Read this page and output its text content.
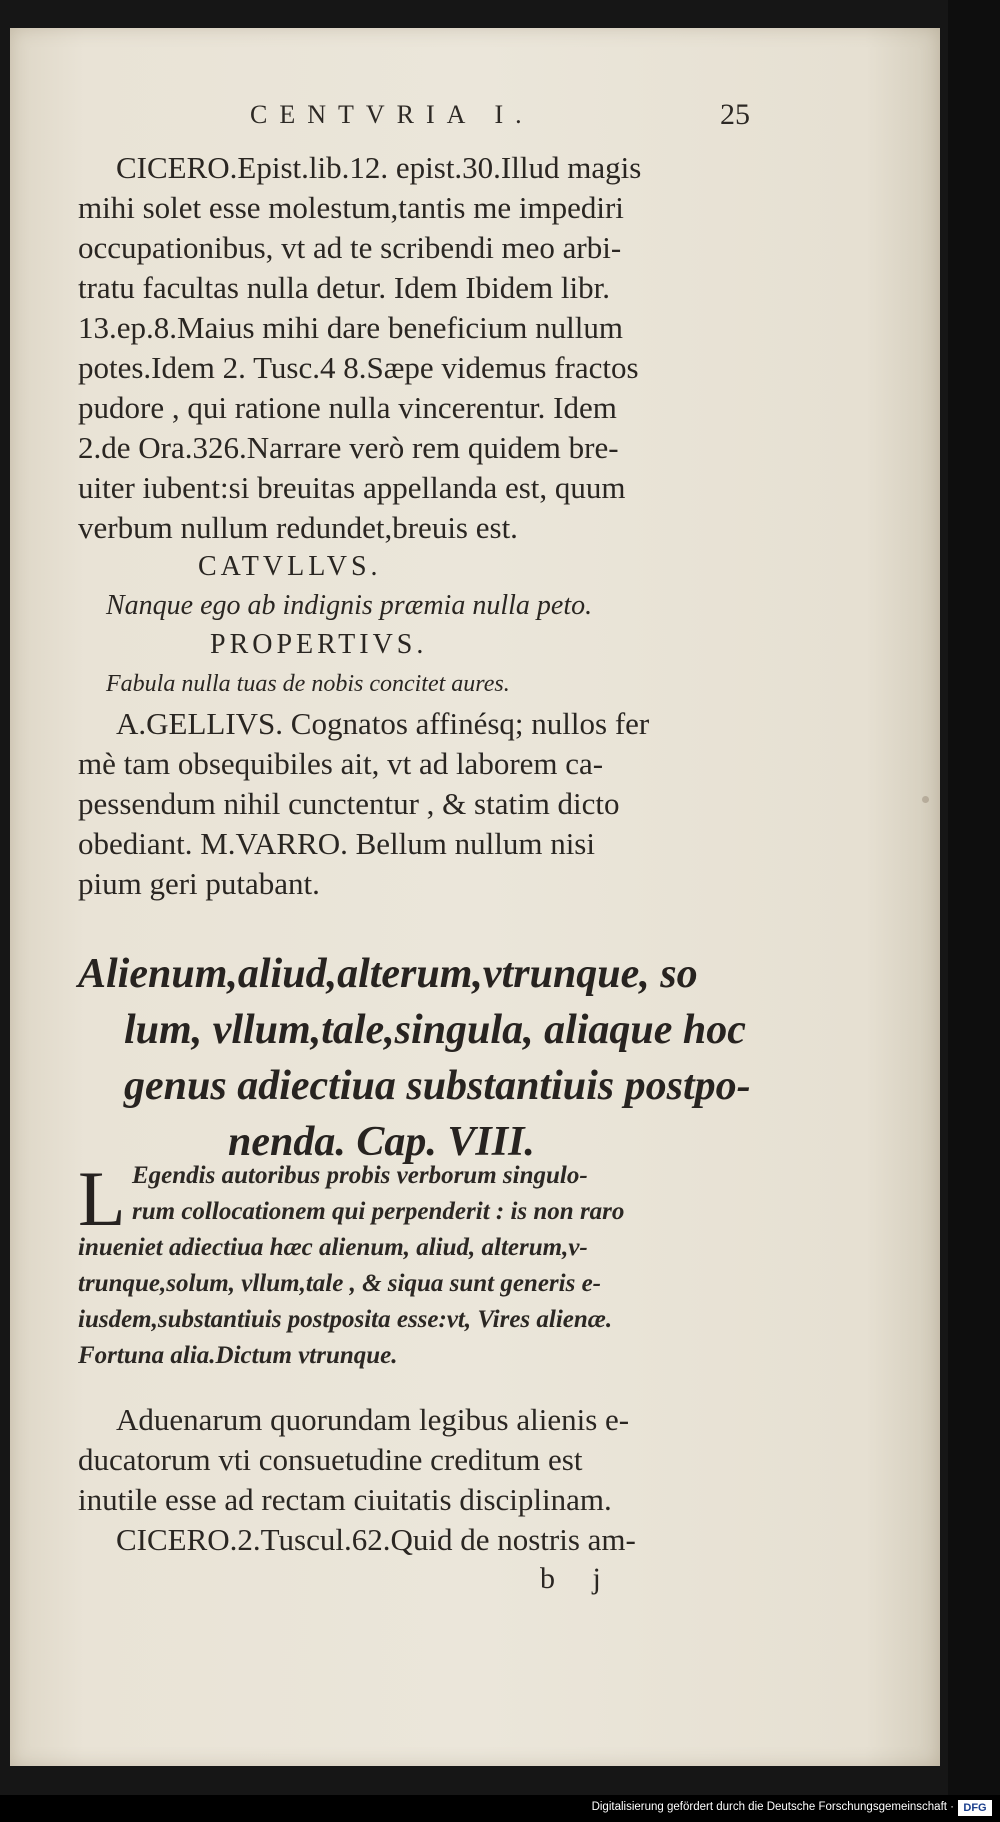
CENTVRIA I.	25
CICERO.Epist.lib.12. epist.30.Illud magis
mihi solet esse molestum,tantis me impediri
occupationibus, vt ad te scribendi meo arbi-
tratu facultas nulla detur. Idem Ibidem libr.
13.ep.8.Maius mihi dare beneficium nullum
potes.Idem 2. Tusc.4 8.Sæpe videmus fractos
pudore , qui ratione nulla vincerentur. Idem
2.de Ora.326.Narrare verò rem quidem bre-
uiter iubent:si breuitas appellanda est, quum
verbum nullum redundet,breuis est.
CATVLLVS.
Nanque ego ab indignis præmia nulla peto.
PROPERTIVS.
Fabula nulla tuas de nobis concitet aures.
A.GELLIVS. Cognatos affinésq; nullos fer
mè tam obsequibiles ait, vt ad laborem ca-
pessendum nihil cunctentur , & statim dicto
obediant. M.VARRO. Bellum nullum nisi
pium geri putabant.
Alienum,aliud,alterum,vtrunque, so
lum, vllum,tale,singula, aliaque hoc
genus adiectiua substantiuis postpo-
nenda. Cap. VIII.
L Egendis autoribus probis verborum singulo-
rum collocationem qui perpenderit : is non raro
inueniet adiectiua hæc alienum, aliud, alterum,v-
trunque,solum, vllum,tale , & siqua sunt generis e-
iusdem,substantiuis postposita esse:vt, Vires alienæ.
Fortuna alia.Dictum vtrunque.
Aduenarum quorundam legibus alienis e-
ducatorum vti consuetudine creditum est
inutile esse ad rectam ciuitatis disciplinam.
CICERO.2.Tuscul.62.Quid de nostris am-
b j
Digitalisierung gefördert durch die Deutsche Forschungsgemeinschaft · DFG
